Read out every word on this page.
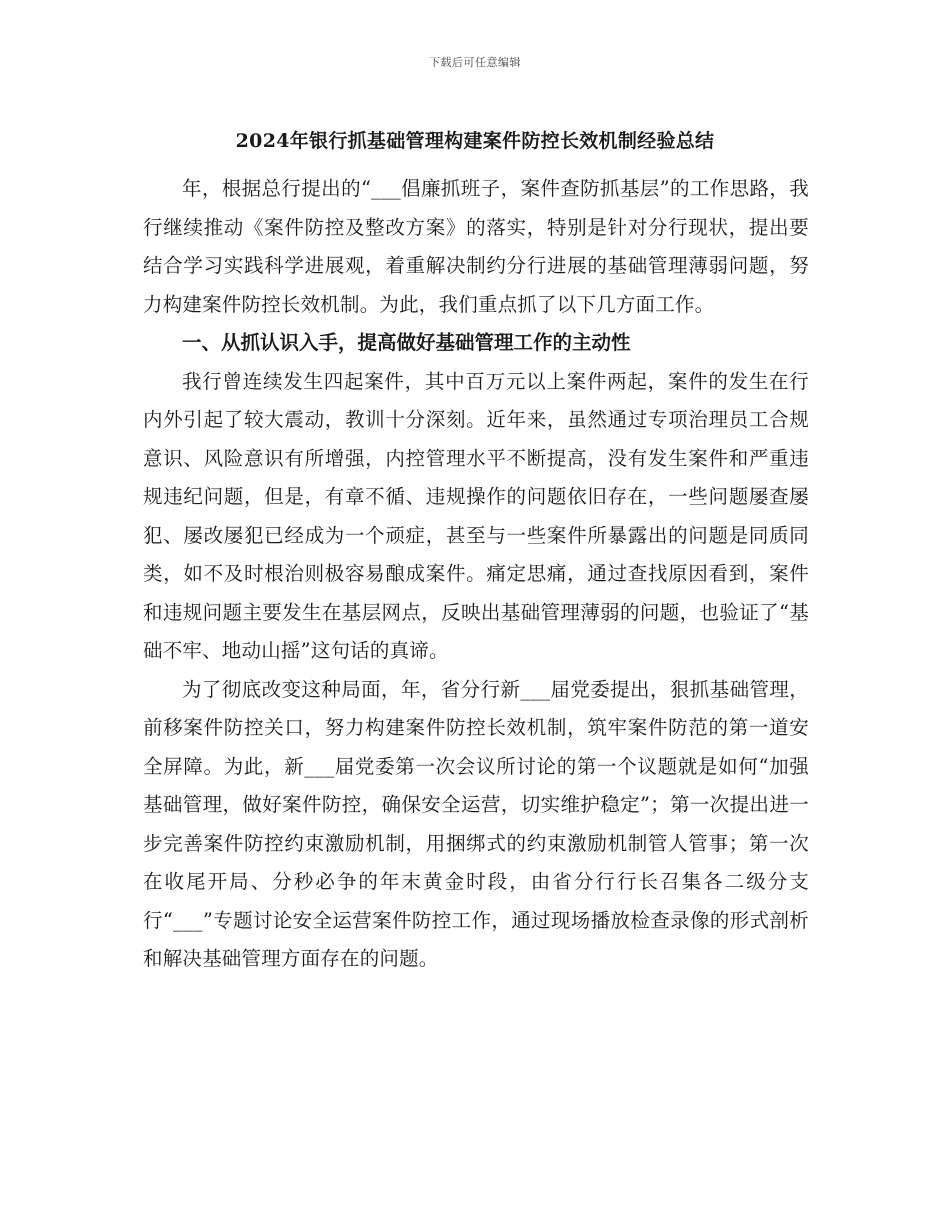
下载后可任意编辑
2024年银行抓基础管理构建案件防控长效机制经验总结

年，根据总行提出的“___倡廉抓班子，案件查防抓基层”的工作思路，我行继续推动《案件防控及整改方案》的落实，特别是针对分行现状，提出要结合学习实践科学进展观，着重解决制约分行进展的基础管理薄弱问题，努力构建案件防控长效机制。为此，我们重点抓了以下几方面工作。

一、从抓认识入手，提高做好基础管理工作的主动性

我行曾连续发生四起案件，其中百万元以上案件两起，案件的发生在行内外引起了较大震动，教训十分深刻。近年来，虽然通过专项治理员工合规意识、风险意识有所增强，内控管理水平不断提高，没有发生案件和严重违规违纪问题，但是，有章不循、违规操作的问题依旧存在，一些问题屡查屡犯、屡改屡犯已经成为一个顽症，甚至与一些案件所暴露出的问题是同质同类，如不及时根治则极容易酿成案件。痛定思痛，通过查找原因看到，案件和违规问题主要发生在基层网点，反映出基础管理薄弱的问题，也验证了“基础不牢、地动山摇”这句话的真谛。

为了彻底改变这种局面，年，省分行新___届党委提出，狠抓基础管理，前移案件防控关口，努力构建案件防控长效机制，筑牢案件防范的第一道安全屏障。为此，新___届党委第一次会议所讨论的第一个议题就是如何“加强基础管理，做好案件防控，确保安全运营，切实维护稳定”；第一次提出进一步完善案件防控约束激励机制，用捆绑式的约束激励机制管人管事；第一次在收尾开局、分秒必争的年末黄金时段，由省分行行长召集各二级分支行“___”专题讨论安全运营案件防控工作，通过现场播放检查录像的形式剖析和解决基础管理方面存在的问题。
